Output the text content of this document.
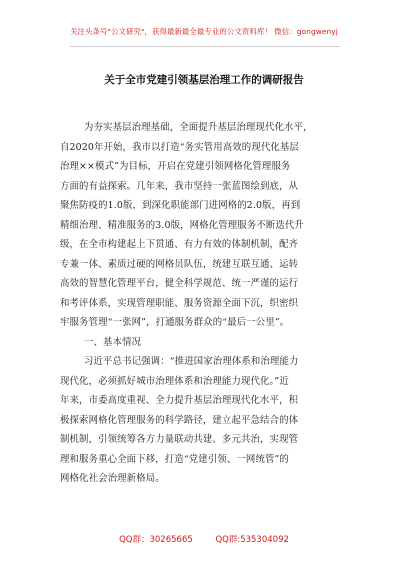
关注头条号"公文研究"，获得最新最全最专业的公文资料库！ 微信：gongwenyj
关于全市党建引领基层治理工作的调研报告
为夯实基层治理基础，全面提升基层治理现代化水平，
自2020年开始，我市以打造“务实管用高效的现代化基层
治理××模式”为目标，开启在党建引领网格化管理服务
方面的有益探索。几年来，我市坚持一张蓝图绘到底，从
聚焦防疫的1.0版，到深化职能部门进网格的2.0版，再到
精细治理、精准服务的3.0版，网格化管理服务不断迭代升
级，在全市构建起上下贯通、有力有效的体制机制，配齐
专兼一体、素质过硬的网格员队伍，统建互联互通、运转
高效的智慧化管理平台，健全科学规范、统一严谨的运行
和考评体系，实现管理职能、服务资源全面下沉，织密织
牢服务管理“一张网”，打通服务群众的“最后一公里”。
一、基本情况
习近平总书记强调：“推进国家治理体系和治理能力
现代化，必须抓好城市治理体系和治理能力现代化。”近
年来，市委高度重视、全力提升基层治理现代化水平，积
极探索网格化管理服务的科学路径，建立起平急结合的体
制机制，引领统筹各方力量联动共建、多元共治，实现管
理和服务重心全面下移，打造“党建引领、一网统管”的
网格化社会治理新格局。
QQ群：30265665	QQ群:535304092
